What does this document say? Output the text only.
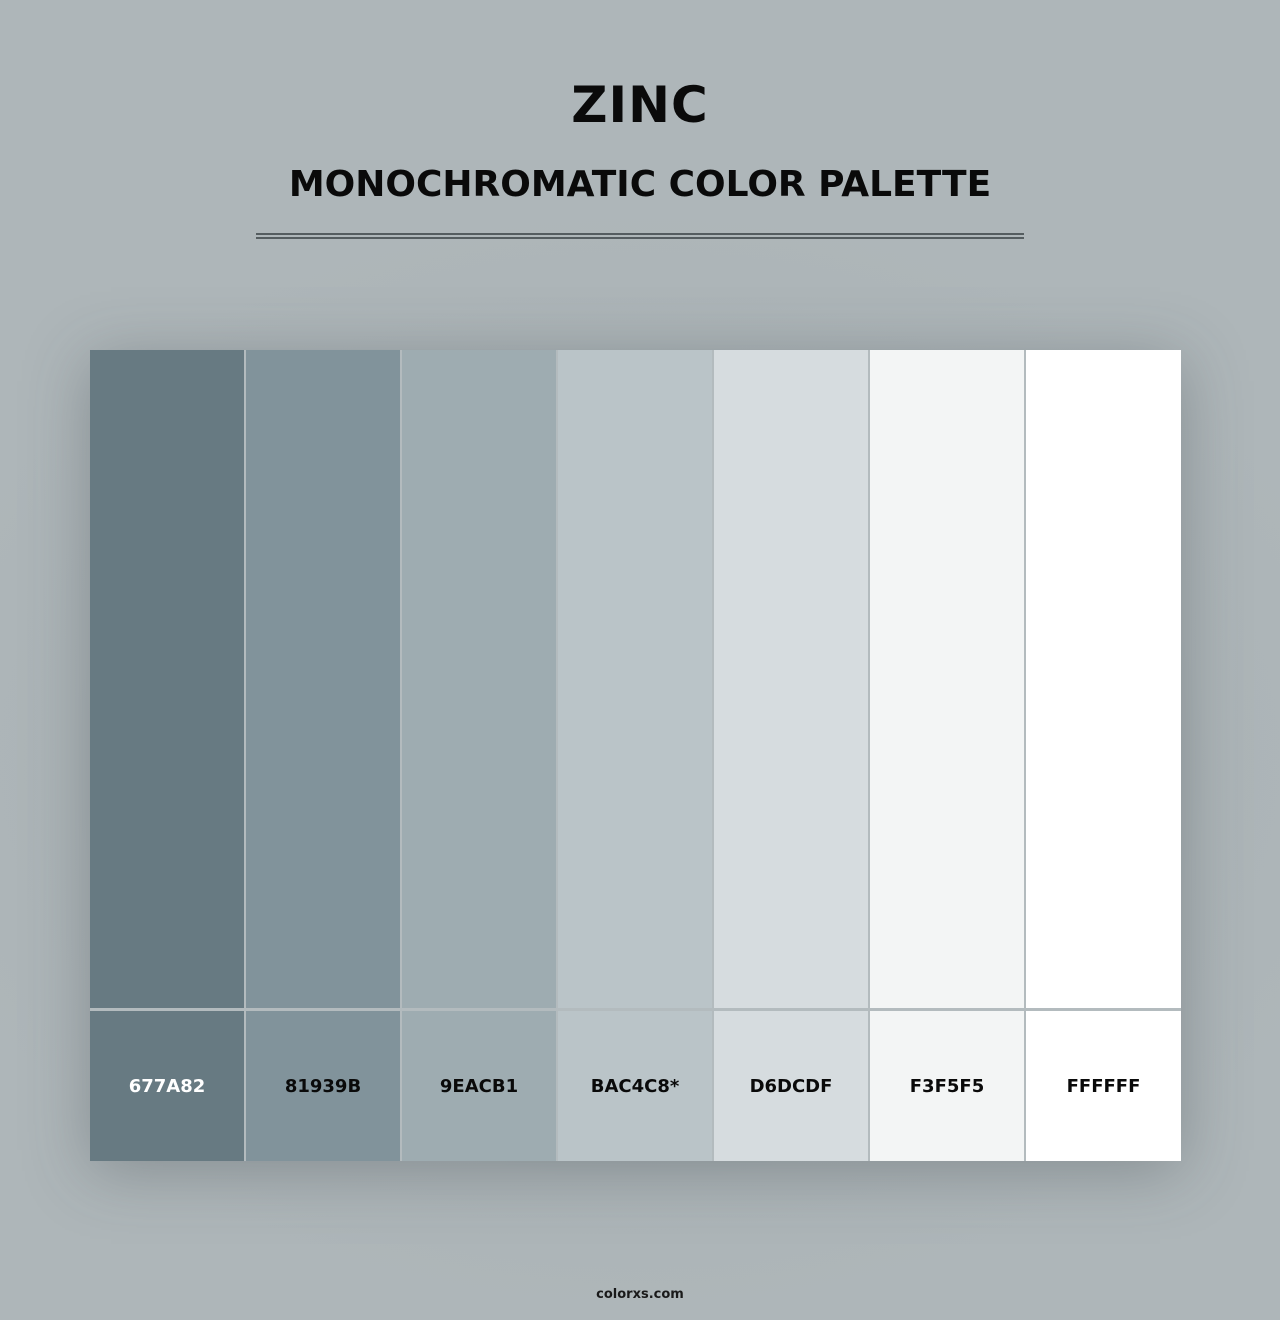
ZINC
MONOCHROMATIC COLOR PALETTE
677A82	81939B	9EACB1	BAC4C8*	D6DCDF	F3F5F5	FFFFFF
colorxs.com
